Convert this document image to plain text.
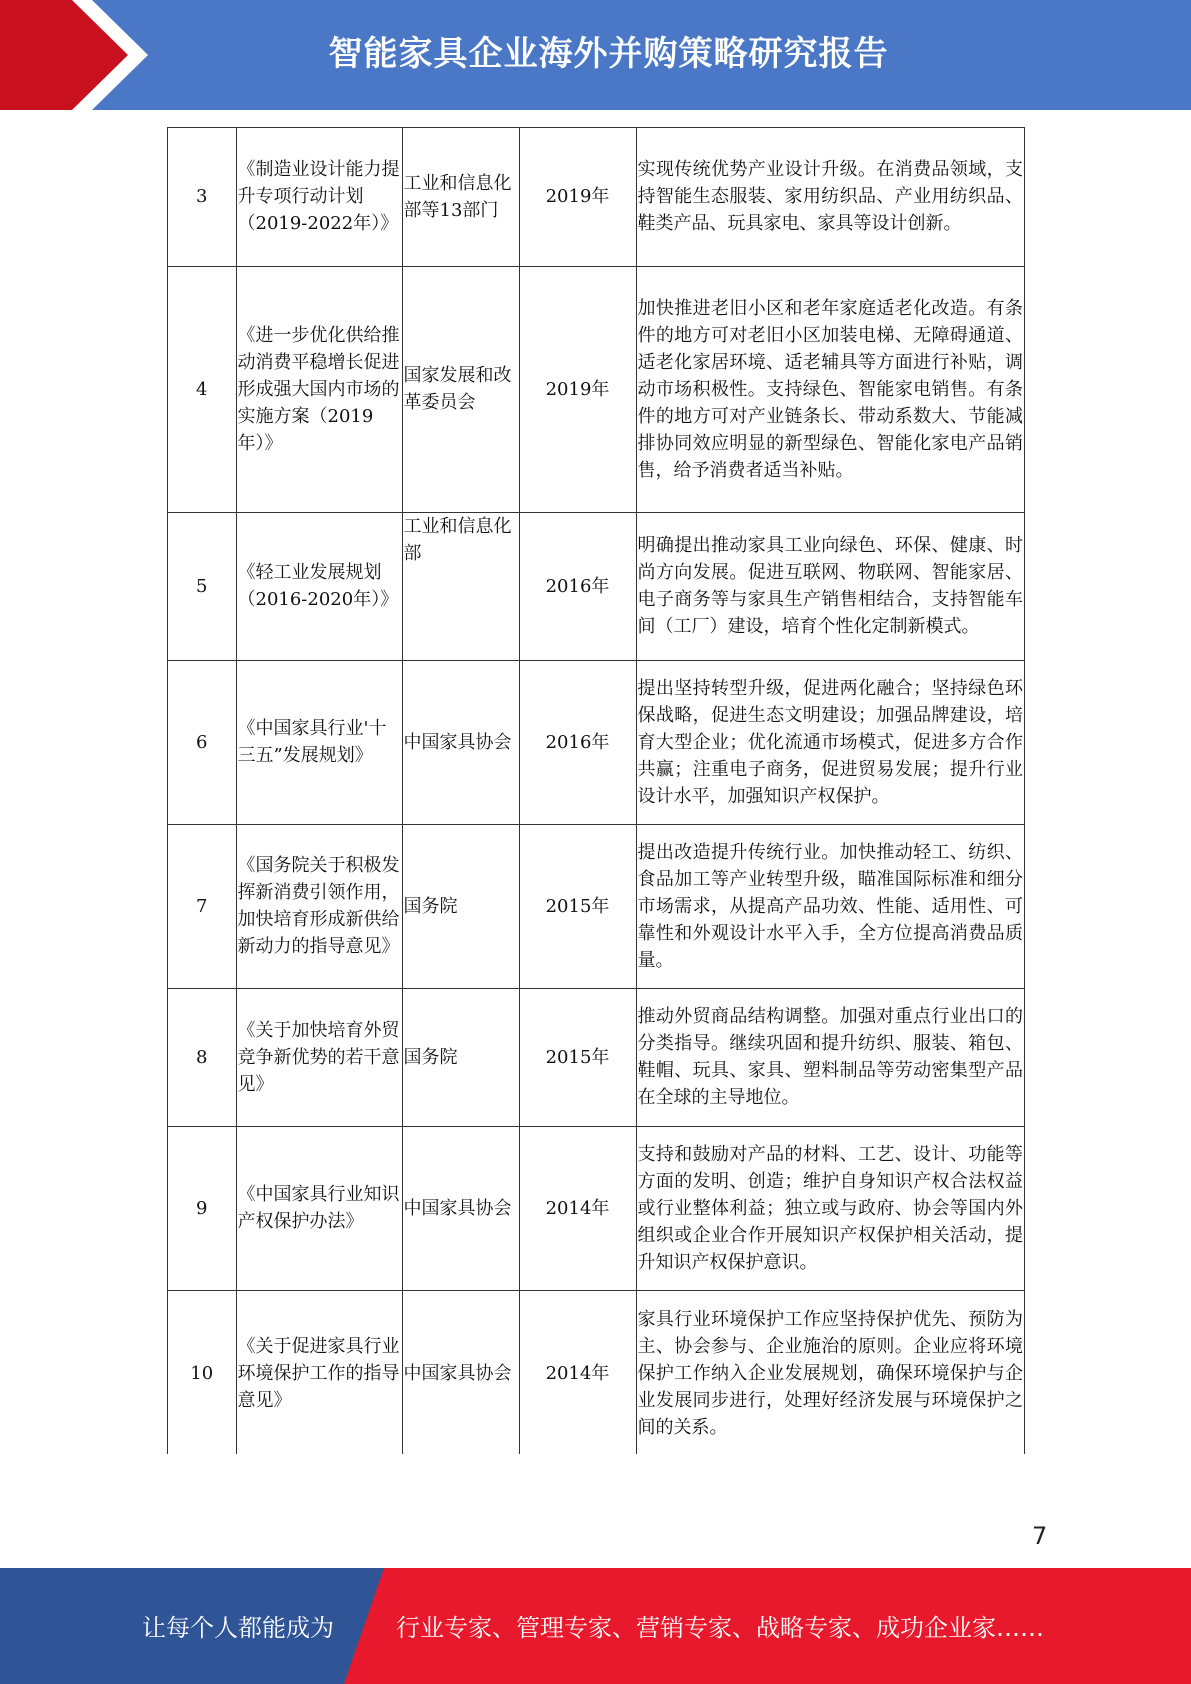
智能家具企业海外并购策略研究报告
3	《制造业设计能力提升专项行动计划（2019-2022年）》	工业和信息化部等13部门	2019年	实现传统优势产业设计升级。在消费品领域，支持智能生态服装、家用纺织品、产业用纺织品、鞋类产品、玩具家电、家具等设计创新。
4	《进一步优化供给推动消费平稳增长促进形成强大国内市场的实施方案（2019年）》	国家发展和改革委员会	2019年	加快推进老旧小区和老年家庭适老化改造。有条件的地方可对老旧小区加装电梯、无障碍通道、适老化家居环境、适老辅具等方面进行补贴，调动市场积极性。支持绿色、智能家电销售。有条件的地方可对产业链条长、带动系数大、节能减排协同效应明显的新型绿色、智能化家电产品销售，给予消费者适当补贴。
5	《轻工业发展规划（2016-2020年）》	工业和信息化部	2016年	明确提出推动家具工业向绿色、环保、健康、时尚方向发展。促进互联网、物联网、智能家居、电子商务等与家具生产销售相结合，支持智能车间（工厂）建设，培育个性化定制新模式。
6	《中国家具行业'十三五”发展规划》	中国家具协会	2016年	提出坚持转型升级，促进两化融合；坚持绿色环保战略，促进生态文明建设；加强品牌建设，培育大型企业；优化流通市场模式，促进多方合作共赢；注重电子商务，促进贸易发展；提升行业设计水平，加强知识产权保护。
7	《国务院关于积极发挥新消费引领作用，加快培育形成新供给新动力的指导意见》	国务院	2015年	提出改造提升传统行业。加快推动轻工、纺织、食品加工等产业转型升级，瞄准国际标准和细分市场需求，从提高产品功效、性能、适用性、可靠性和外观设计水平入手，全方位提高消费品质量。
8	《关于加快培育外贸竞争新优势的若干意见》	国务院	2015年	推动外贸商品结构调整。加强对重点行业出口的分类指导。继续巩固和提升纺织、服装、箱包、鞋帽、玩具、家具、塑料制品等劳动密集型产品在全球的主导地位。
9	《中国家具行业知识产权保护办法》	中国家具协会	2014年	支持和鼓励对产品的材料、工艺、设计、功能等方面的发明、创造；维护自身知识产权合法权益或行业整体利益；独立或与政府、协会等国内外组织或企业合作开展知识产权保护相关活动，提升知识产权保护意识。
10	《关于促进家具行业环境保护工作的指导意见》	中国家具协会	2014年	家具行业环境保护工作应坚持保护优先、预防为主、协会参与、企业施治的原则。企业应将环境保护工作纳入企业发展规划，确保环境保护与企业发展同步进行，处理好经济发展与环境保护之间的关系。
7
让每个人都能成为	行业专家、管理专家、营销专家、战略专家、成功企业家……
